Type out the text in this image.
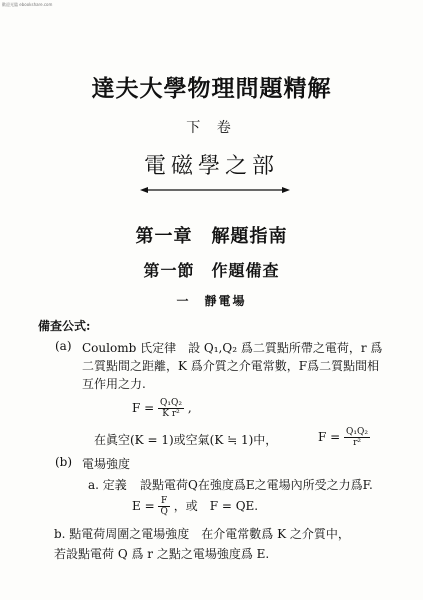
歡迎光臨 ebookshare.com
達夫大學物理問題精解
下 卷
電磁學之部
第一章　解題指南
第一節　作題備查
一　靜電場
備查公式:
(a) Coulomb 氏定律　設 Q₁,Q₂ 爲二質點所帶之電荷，r 爲
二質點間之距離，K 爲介質之介電常數，F爲二質點間相
互作用之力.
$F = \frac{\text{Q₁Q₂}}{\text{K r²}}$ ,
在眞空(K = 1)或空氣(K ≒ 1)中，	$F = \frac{\text{Q₁Q₂}}{\text{r²}}$
(b) 電場強度
a. 定義 設點電荷Q在強度爲E之電場內所受之力爲F.
$E = \frac{F}{Q}$ ，或　F = QE.
b. 點電荷周圍之電場強度　在介電常數爲 K 之介質中，
若設點電荷 Q 爲 r 之點之電場強度爲 E.
